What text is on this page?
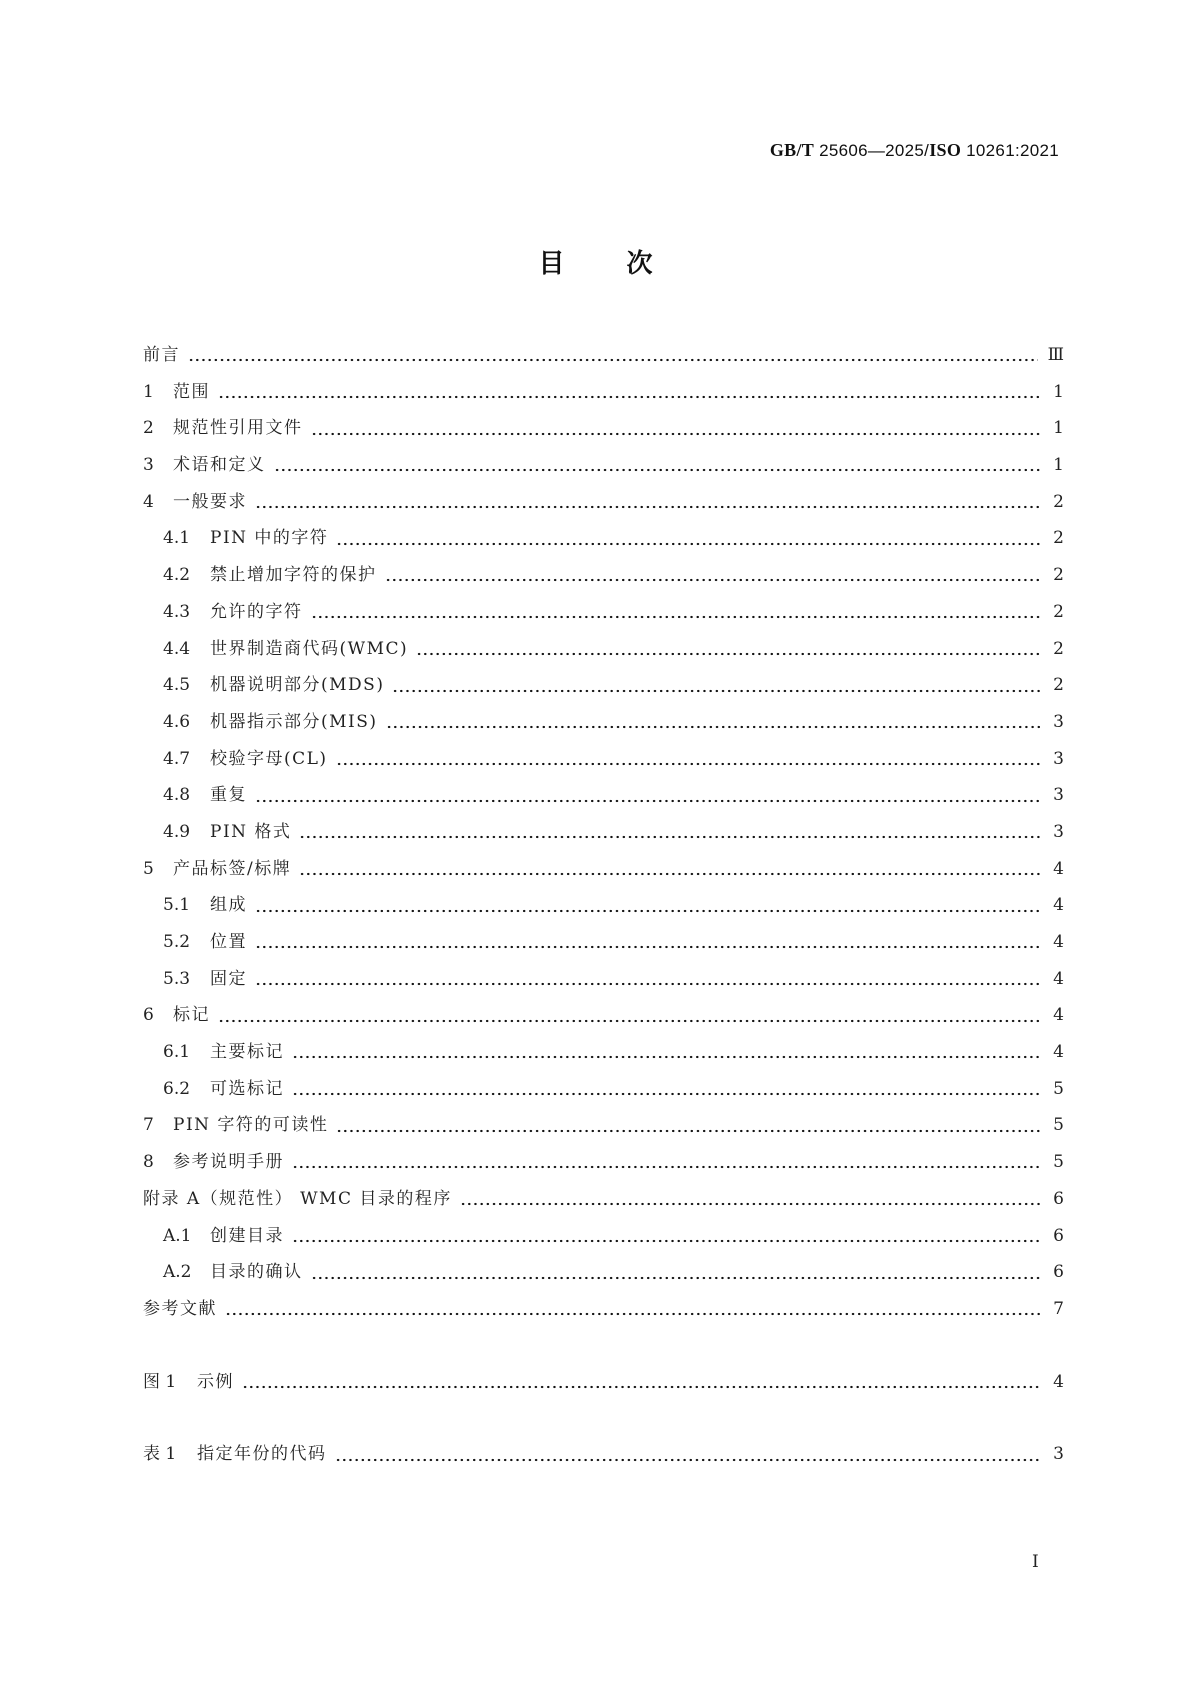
GB/T 25606—2025/ISO 10261:2021
目次
前言	Ⅲ
1	范围	1
2	规范性引用文件	1
3	术语和定义	1
4	一般要求	2
4.1	PIN 中的字符	2
4.2	禁止增加字符的保护	2
4.3	允许的字符	2
4.4	世界制造商代码(WMC)	2
4.5	机器说明部分(MDS)	2
4.6	机器指示部分(MIS)	3
4.7	校验字母(CL)	3
4.8	重复	3
4.9	PIN 格式	3
5	产品标签/标牌	4
5.1	组成	4
5.2	位置	4
5.3	固定	4
6	标记	4
6.1	主要标记	4
6.2	可选标记	5
7	PIN 字符的可读性	5
8	参考说明手册	5
附录 A（规范性） WMC 目录的程序	6
A.1	创建目录	6
A.2	目录的确认	6
参考文献	7
图 1	示例	4
表 1	指定年份的代码	3
Ⅰ
